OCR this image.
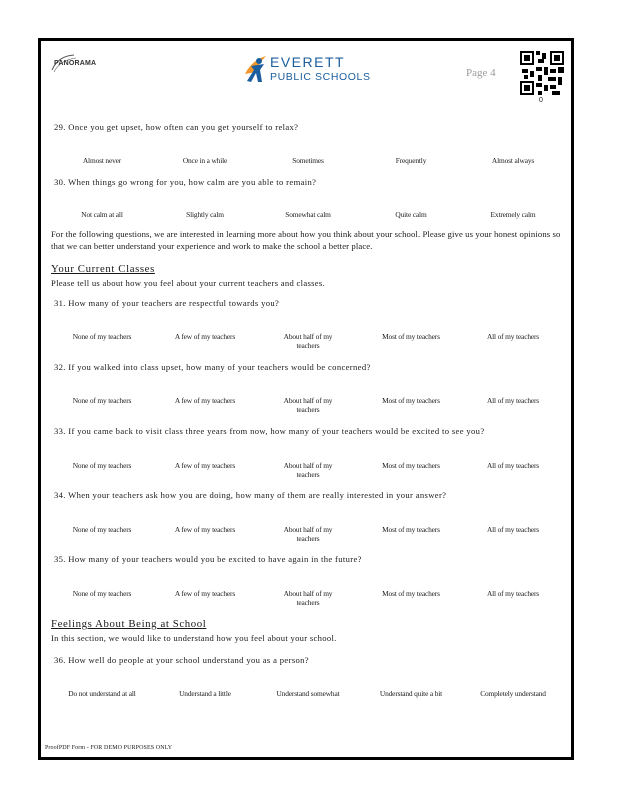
PANORAMA	EVERETT
PUBLIC SCHOOLS	Page 4
0
29. Once you get upset, how often can you get yourself to relax?
Almost never	Once in a while	Sometimes	Frequently	Almost always
30. When things go wrong for you, how calm are you able to remain?
Not calm at all	Slightly calm	Somewhat calm	Quite calm	Extremely calm
For the following questions, we are interested in learning more about how you think about your school. Please give us your honest opinions so that we can better understand your experience and work to make the school a better place.
Your Current Classes
Please tell us about how you feel about your current teachers and classes.
31. How many of your teachers are respectful towards you?
None of my teachers	A few of my teachers	About half of my teachers
Most of my teachers	All of my teachers
32. If you walked into class upset, how many of your teachers would be concerned?
None of my teachers	A few of my teachers	About half of my teachers
Most of my teachers	All of my teachers
33. If you came back to visit class three years from now, how many of your teachers would be excited to see you?
None of my teachers	A few of my teachers	About half of my teachers
Most of my teachers	All of my teachers
34. When your teachers ask how you are doing, how many of them are really interested in your answer?
None of my teachers	A few of my teachers	About half of my teachers
Most of my teachers	All of my teachers
35. How many of your teachers would you be excited to have again in the future?
None of my teachers	A few of my teachers	About half of my teachers
Most of my teachers	All of my teachers
Feelings About Being at School
In this section, we would like to understand how you feel about your school.
36. How well do people at your school understand you as a person?
Do not understand at all	Understand a little	Understand somewhat	Understand quite a bit	Completely understand
ProofPDF Form - FOR DEMO PURPOSES ONLY
